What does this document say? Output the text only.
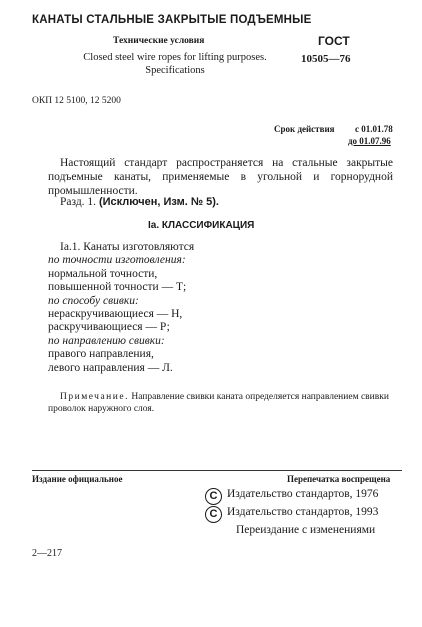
КАНАТЫ СТАЛЬНЫЕ ЗАКРЫТЫЕ ПОДЪЕМНЫЕ
Технические условия
Closed steel wire ropes for lifting purposes.
Specifications
ГОСТ
10505—76
ОКП 12 5100, 12 5200
Срок действия с 01.01.78
до 01.07.96
Настоящий стандарт распространяется на стальные закрытые подъемные канаты, применяемые в угольной и горнорудной промышленности.
Разд. 1. (Исключен, Изм. № 5).
Iа. КЛАССИФИКАЦИЯ
Iа.1. Канаты изготовляются
по точности изготовления:
нормальной точности,
повышенной точности — Т;
по способу свивки:
нераскручивающиеся — Н,
раскручивающиеся — Р;
по направлению свивки:
правого направления,
левого направления — Л.
Примечание. Направление свивки каната определяется направлением свивки проволок наружного слоя.
Издание официальное	Перепечатка воспрещена
C Издательство стандартов, 1976
C Издательство стандартов, 1993
Переиздание с изменениями
2—217
